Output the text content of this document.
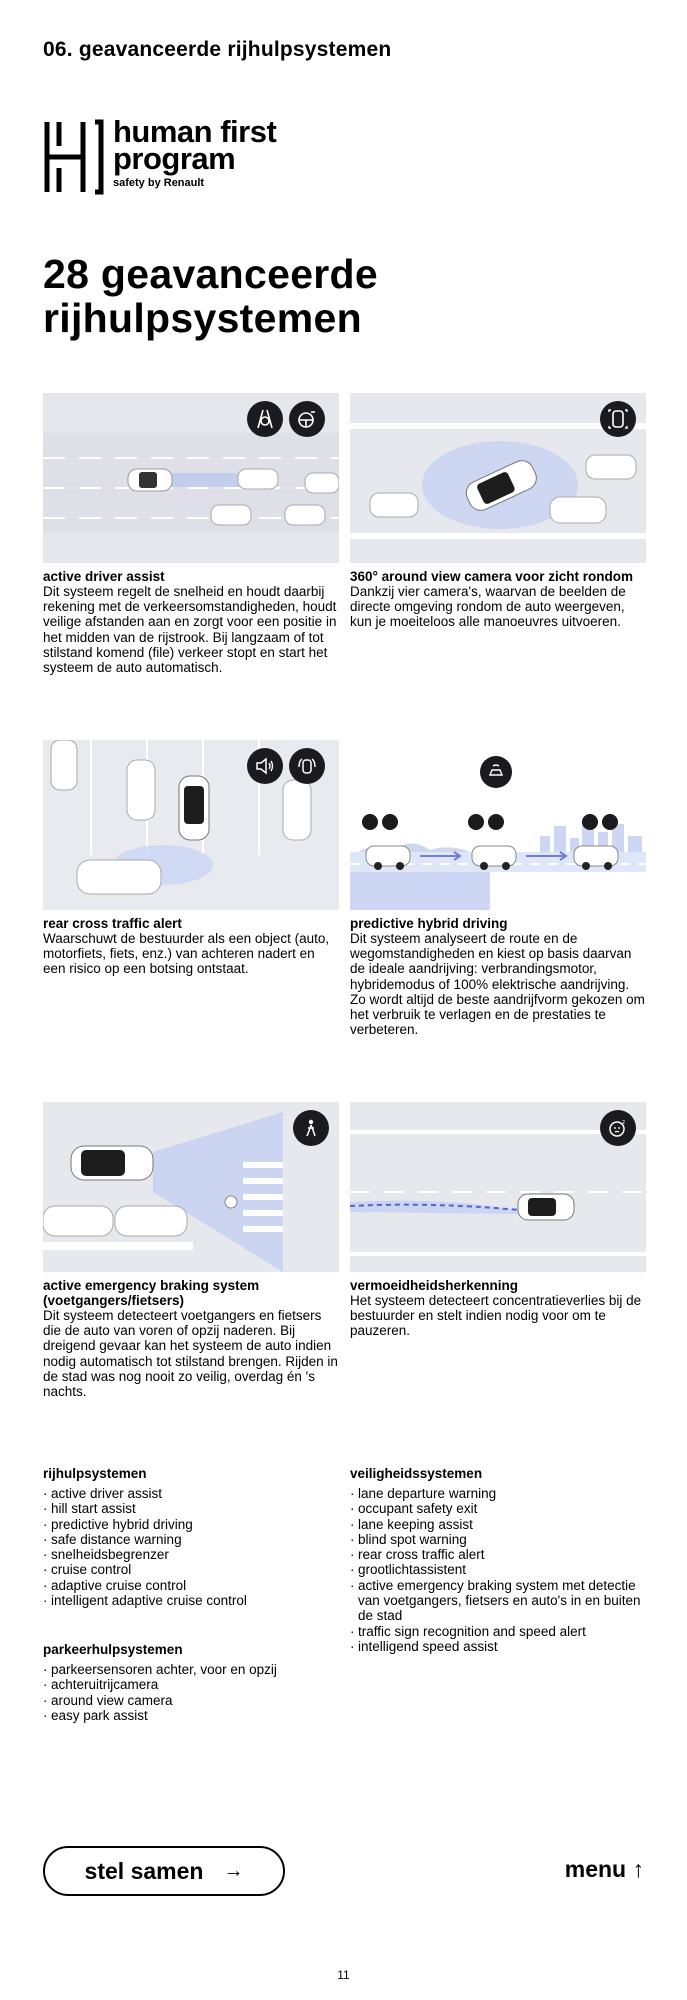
06. geavanceerde rijhulpsystemen
human first
program
safety by Renault
28 geavanceerde rijhulpsystemen
active driver assist
Dit systeem regelt de snelheid en houdt daarbij rekening met de verkeersomstandigheden, houdt veilige afstanden aan en zorgt voor een positie in het midden van de rijstrook. Bij langzaam of tot stilstand komend (file) verkeer stopt en start het systeem de auto automatisch.
360° around view camera voor zicht rondom
Dankzij vier camera's, waarvan de beelden de directe omgeving rondom de auto weergeven, kun je moeiteloos alle manoeuvres uitvoeren.
rear cross traffic alert
Waarschuwt de bestuurder als een object (auto, motorfiets, fiets, enz.) van achteren nadert en een risico op een botsing ontstaat.
predictive hybrid driving
Dit systeem analyseert de route en de wegomstandigheden en kiest op basis daarvan de ideale aandrijving: verbrandingsmotor, hybridemodus of 100% elektrische aandrijving. Zo wordt altijd de beste aandrijfvorm gekozen om het verbruik te verlagen en de prestaties te verbeteren.
active emergency braking system (voetgangers/fietsers)
Dit systeem detecteert voetgangers en fietsers die de auto van voren of opzij naderen. Bij dreigend gevaar kan het systeem de auto indien nodig automatisch tot stilstand brengen. Rijden in de stad was nog nooit zo veilig, overdag én 's nachts.
z
vermoeidheidsherkenning
Het systeem detecteert concentratieverlies bij de bestuurder en stelt indien nodig voor om te pauzeren.
rijhulpsystemen
· active driver assist
· hill start assist
· predictive hybrid driving
· safe distance warning
· snelheidsbegrenzer
· cruise control
· adaptive cruise control
· intelligent adaptive cruise control
parkeerhulpsystemen
· parkeersensoren achter, voor en opzij
· achteruitrijcamera
· around view camera
· easy park assist
veiligheidssystemen
· lane departure warning
· occupant safety exit
· lane keeping assist
· blind spot warning
· rear cross traffic alert
· grootlichtassistent
· active emergency braking system met detectie van voetgangers, fietsers en auto's in en buiten de stad
· traffic sign recognition and speed alert
· intelligend speed assist
stel samen →	menu ↑
11
